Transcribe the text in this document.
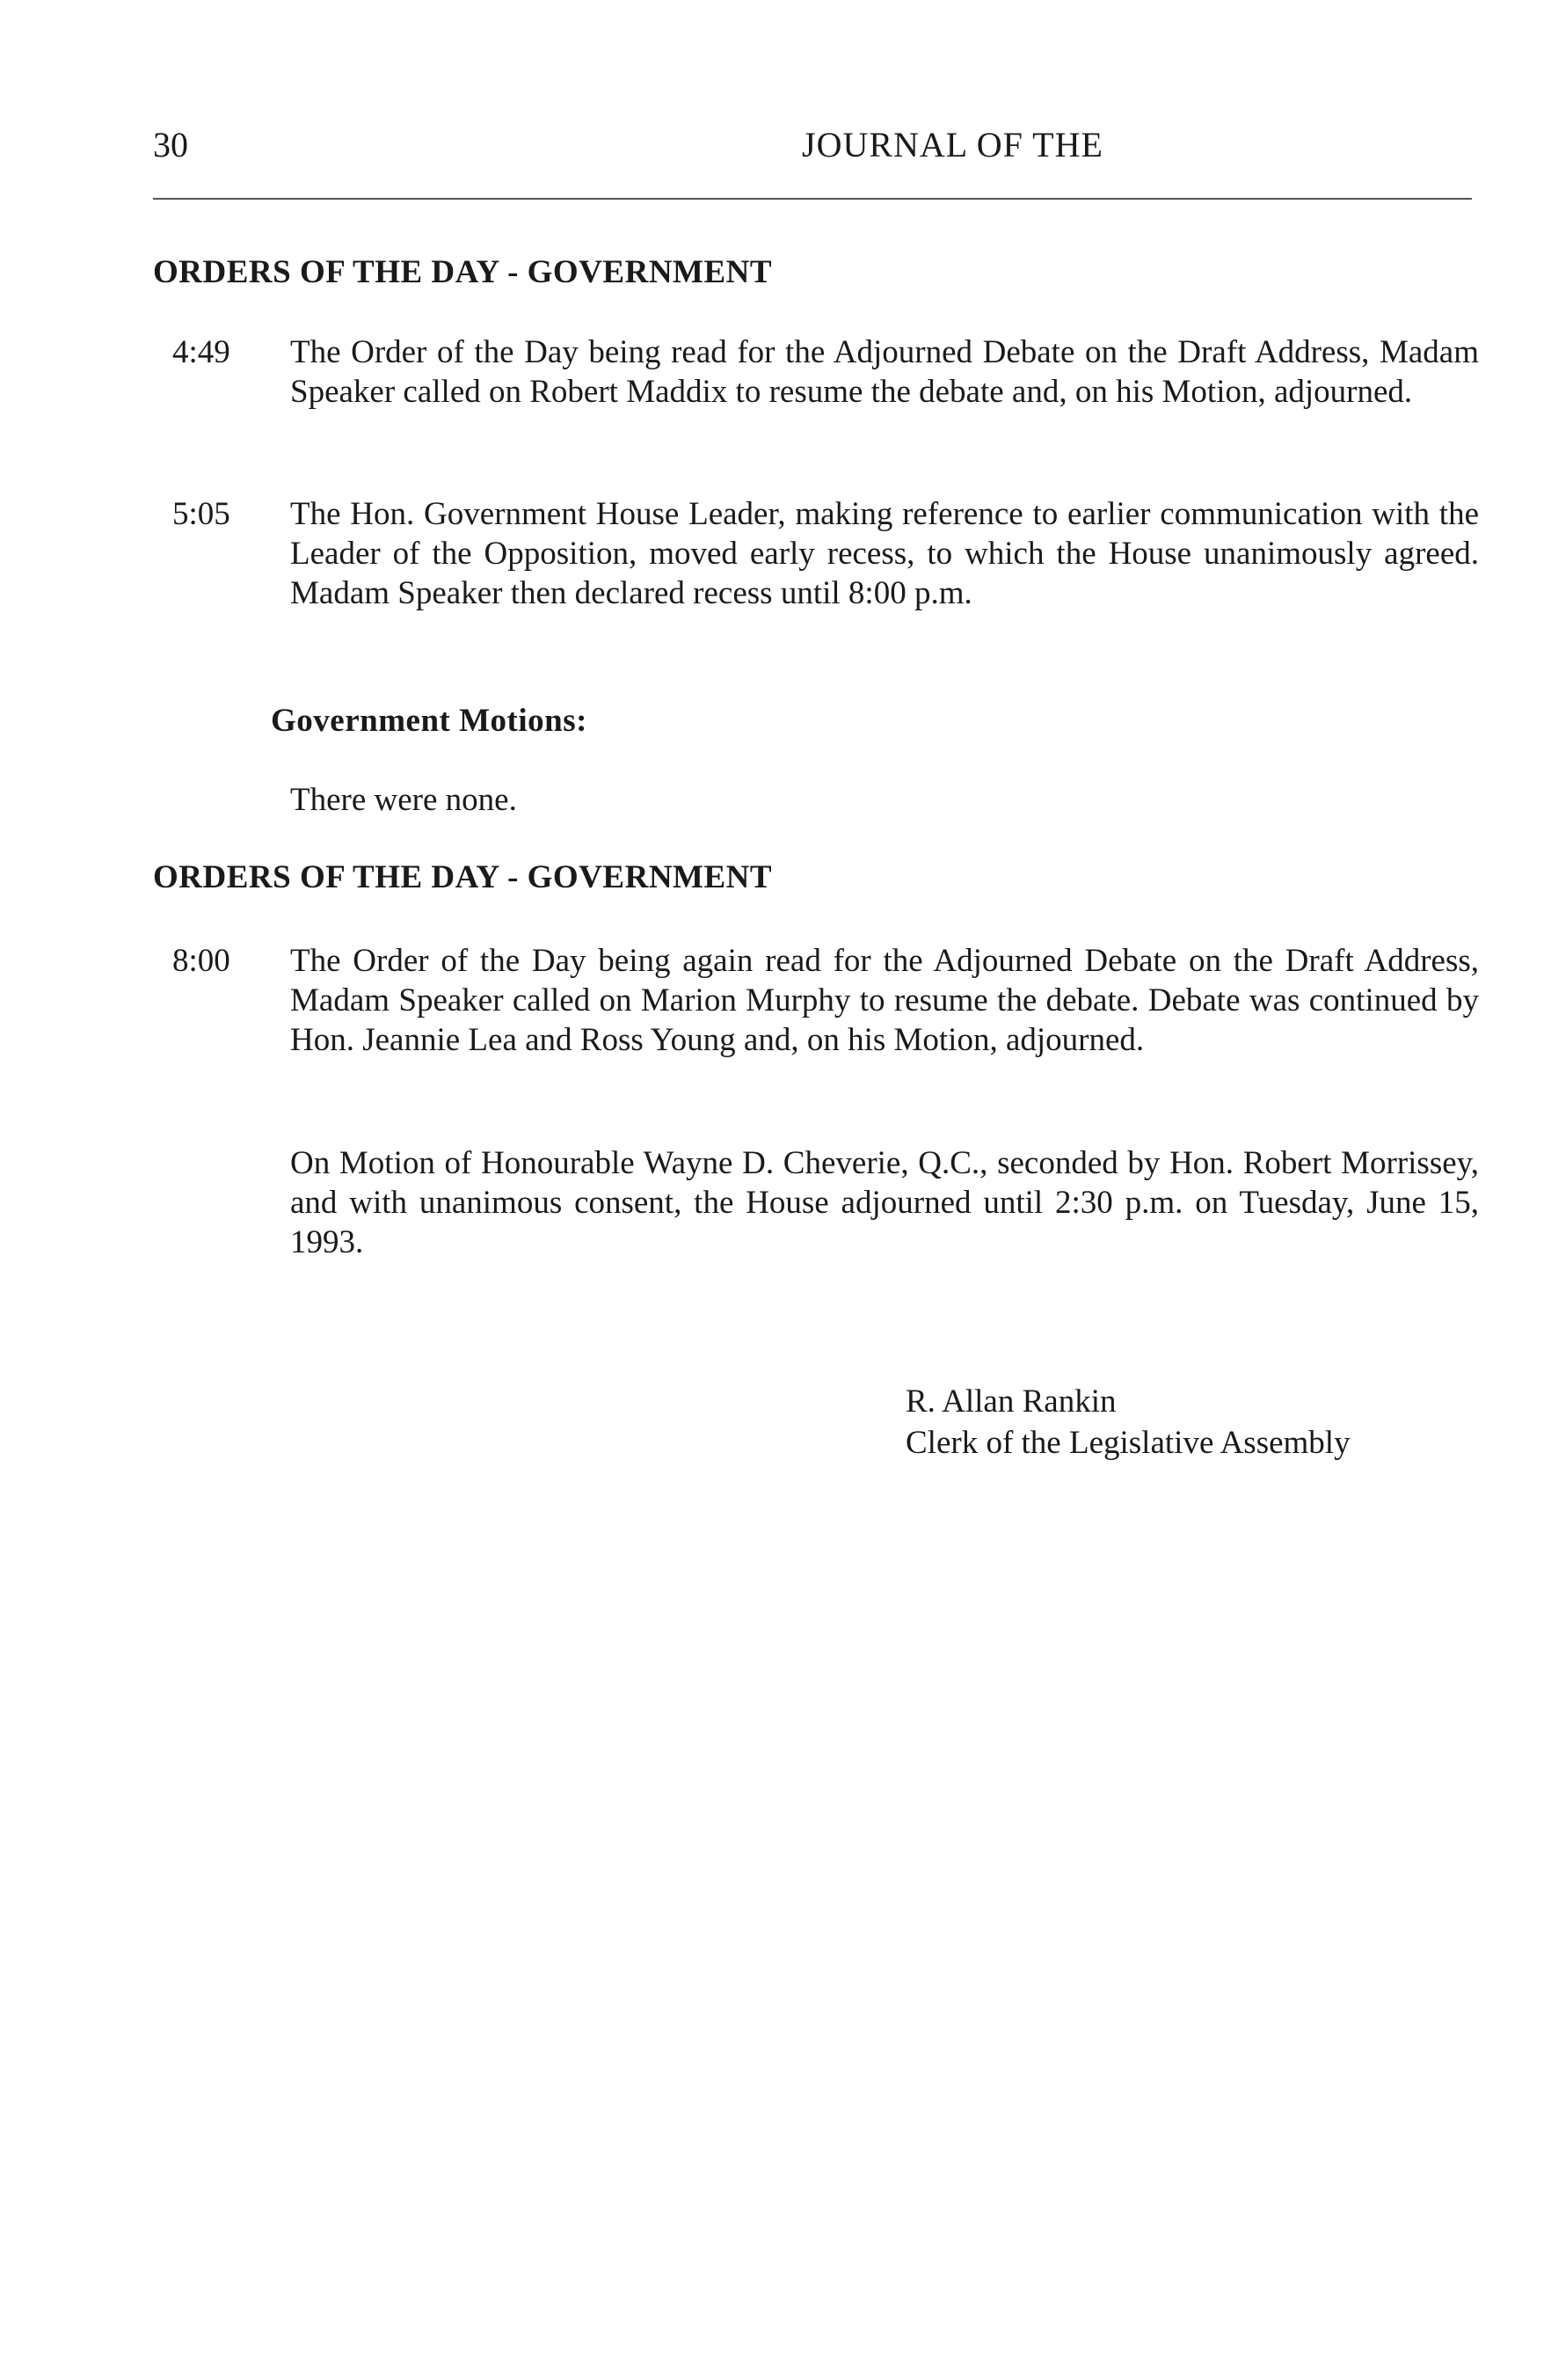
30	JOURNAL OF THE
ORDERS OF THE DAY - GOVERNMENT
4:49 The Order of the Day being read for the Adjourned Debate on the Draft Address, Madam Speaker called on Robert Maddix to resume the debate and, on his Motion, adjourned.
5:05 The Hon. Government House Leader, making reference to earlier communication with the Leader of the Opposition, moved early recess, to which the House unanimously agreed. Madam Speaker then declared recess until 8:00 p.m.
Government Motions:
There were none.
ORDERS OF THE DAY - GOVERNMENT
8:00 The Order of the Day being again read for the Adjourned Debate on the Draft Address, Madam Speaker called on Marion Murphy to resume the debate. Debate was continued by Hon. Jeannie Lea and Ross Young and, on his Motion, adjourned.
On Motion of Honourable Wayne D. Cheverie, Q.C., seconded by Hon. Robert Morrissey, and with unanimous consent, the House adjourned until 2:30 p.m. on Tuesday, June 15, 1993.
R. Allan Rankin
Clerk of the Legislative Assembly
